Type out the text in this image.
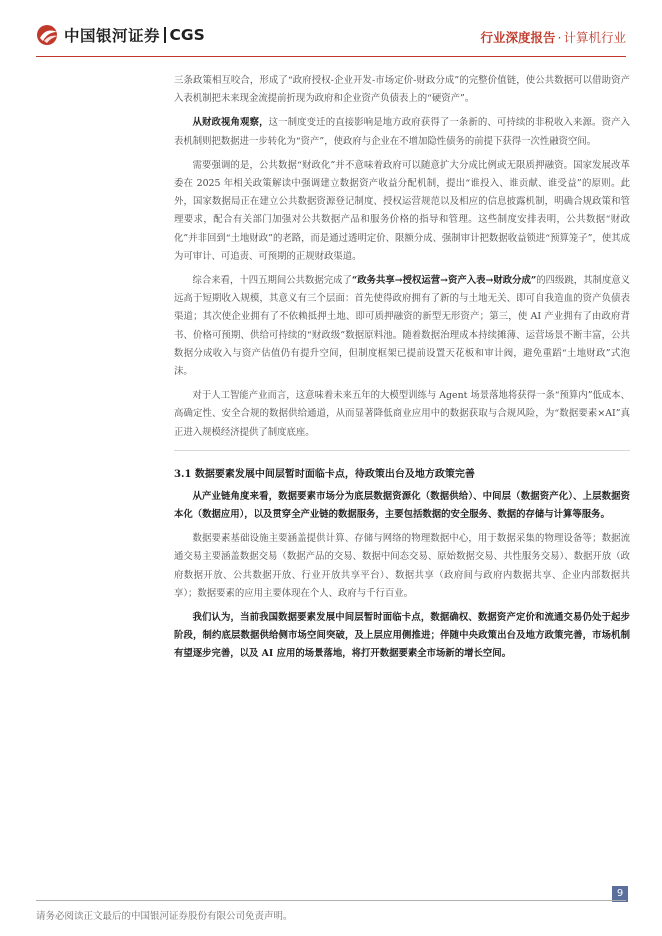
中国银河证券 CGS	行业深度报告 · 计算机行业

三条政策相互咬合，形成了“政府授权-企业开发-市场定价-财政分成”的完整价值链，使公共数据可以借助资产入表机制把未来现金流提前折现为政府和企业资产负债表上的“硬资产”。

从财政视角观察，这一制度变迁的直接影响是地方政府获得了一条新的、可持续的非税收入来源。资产入表机制则把数据进一步转化为“资产”，使政府与企业在不增加隐性债务的前提下获得一次性融资空间。

需要强调的是，公共数据“财政化”并不意味着政府可以随意扩大分成比例或无限质押融资。国家发展改革委在 2025 年相关政策解读中强调建立数据资产收益分配机制，提出“谁投入、谁贡献、谁受益”的原则。此外，国家数据局正在建立公共数据资源登记制度、授权运营规范以及相应的信息披露机制，明确合规政策和管理要求，配合有关部门加强对公共数据产品和服务价格的指导和管理。这些制度安排表明，公共数据“财政化”并非回到“土地财政”的老路，而是通过透明定价、限额分成、强制审计把数据收益锁进“预算笼子”，使其成为可审计、可追责、可预期的正规财政渠道。

综合来看，十四五期间公共数据完成了“政务共享→授权运营→资产入表→财政分成”的四级跳，其制度意义远高于短期收入规模，其意义有三个层面：首先使得政府拥有了新的与土地无关、即可自我造血的资产负债表渠道；其次使企业拥有了不依赖抵押土地、即可质押融资的新型无形资产；第三，使 AI 产业拥有了由政府背书、价格可预期、供给可持续的“财政级”数据原料池。随着数据治理成本持续摊薄、运营场景不断丰富，公共数据分成收入与资产估值仍有提升空间，但制度框架已提前设置天花板和审计阀，避免重蹈“土地财政”式泡沫。

对于人工智能产业而言，这意味着未来五年的大模型训练与 Agent 场景落地将获得一条“预算内”低成本、高确定性、安全合规的数据供给通道，从而显著降低商业应用中的数据获取与合规风险，为“数据要素×AI”真正进入规模经济提供了制度底座。

3.1 数据要素发展中间层暂时面临卡点，待政策出台及地方政策完善

从产业链角度来看，数据要素市场分为底层数据资源化（数据供给）、中间层（数据资产化）、上层数据资本化（数据应用），以及贯穿全产业链的数据服务，主要包括数据的安全服务、数据的存储与计算等服务。

数据要素基础设施主要涵盖提供计算、存储与网络的物理数据中心，用于数据采集的物理设备等；数据流通交易主要涵盖数据交易（数据产品的交易、数据中间态交易、原始数据交易、共性服务交易）、数据开放（政府数据开放、公共数据开放、行业开放共享平台）、数据共享（政府间与政府内数据共享、企业内部数据共享）；数据要素的应用主要体现在个人、政府与千行百业。

我们认为，当前我国数据要素发展中间层暂时面临卡点，数据确权、数据资产定价和流通交易仍处于起步阶段，制约底层数据供给侧市场空间突破，及上层应用侧推进；伴随中央政策出台及地方政策完善，市场机制有望逐步完善，以及 AI 应用的场景落地，将打开数据要素全市场新的增长空间。

9
请务必阅读正文最后的中国银河证券股份有限公司免责声明。
